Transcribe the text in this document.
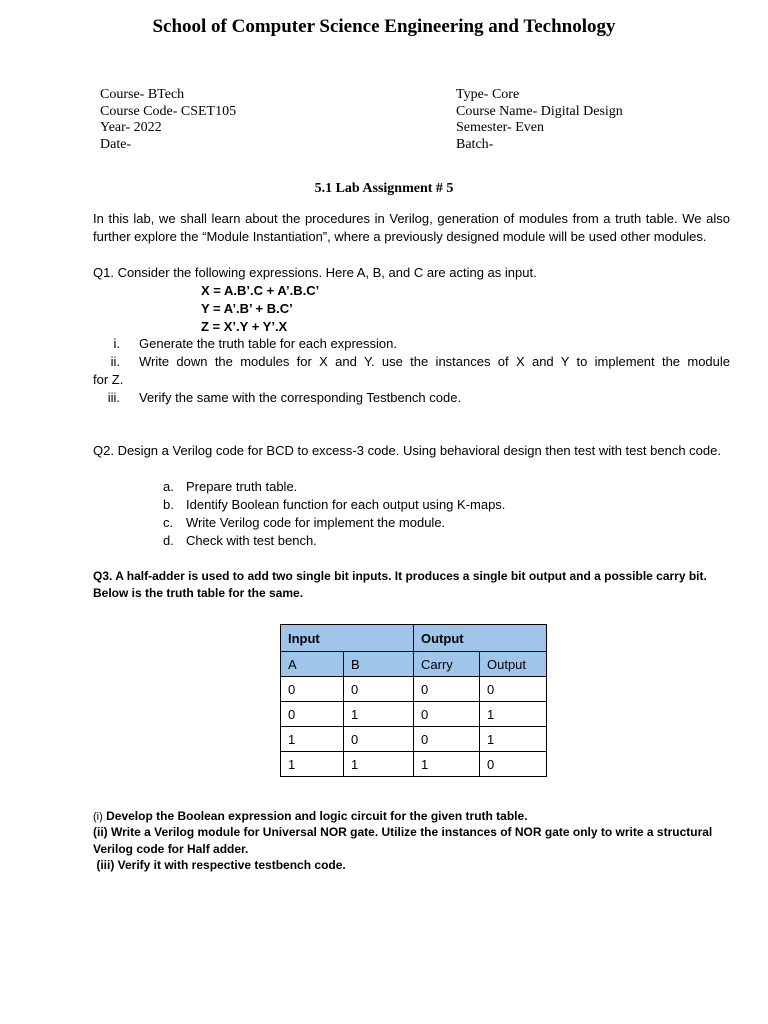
School of Computer Science Engineering and Technology
Course- BTech
Course Code- CSET105
Year- 2022
Date-
Type- Core
Course Name- Digital Design
Semester- Even
Batch-
5.1 Lab Assignment # 5
In this lab, we shall learn about the procedures in Verilog, generation of modules from a truth table. We also further explore the “Module Instantiation”, where a previously designed module will be used other modules.
Q1. Consider the following expressions. Here A, B, and C are acting as input.
X = A.B’.C + A’.B.C’
Y = A’.B’ + B.C’
Z = X’.Y + Y’.X
i. Generate the truth table for each expression.
ii. Write down the modules for X and Y. use the instances of X and Y to implement the module
for Z.
iii. Verify the same with the corresponding Testbench code.
Q2. Design a Verilog code for BCD to excess-3 code. Using behavioral design then test with test bench code.
a. Prepare truth table.
b. Identify Boolean function for each output using K-maps.
c. Write Verilog code for implement the module.
d. Check with test bench.
Q3. A half-adder is used to add two single bit inputs. It produces a single bit output and a possible carry bit. Below is the truth table for the same.
Input		Output	
A	B	Carry	Output
0	0	0	0
0	1	0	1
1	0	0	1
1	1	1	0
(i) Develop the Boolean expression and logic circuit for the given truth table.
(ii) Write a Verilog module for Universal NOR gate. Utilize the instances of NOR gate only to write a structural Verilog code for Half adder.
(iii) Verify it with respective testbench code.
